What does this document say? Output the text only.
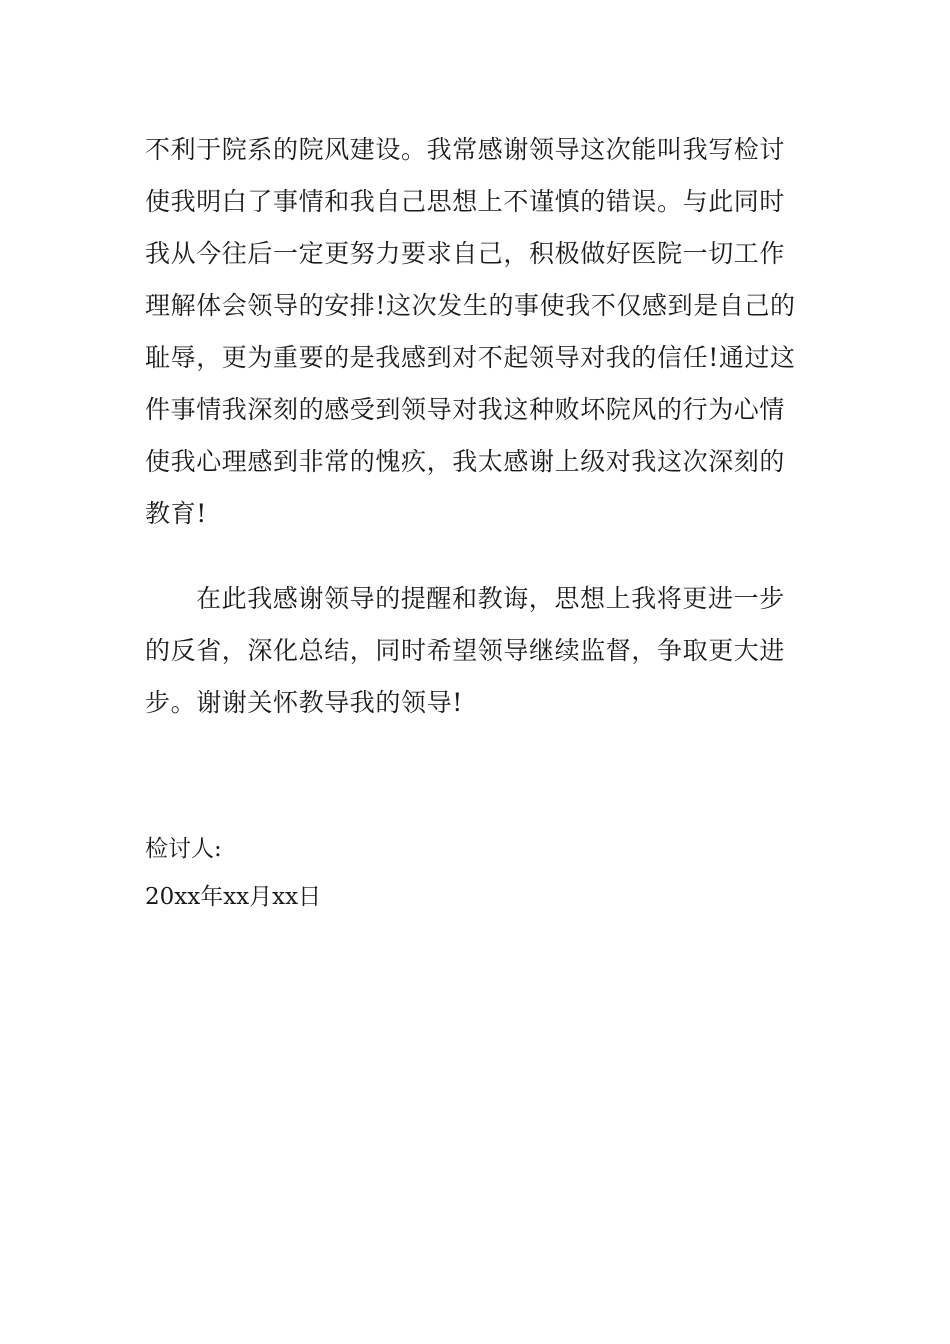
不利于院系的院风建设。我常感谢领导这次能叫我写检讨
使我明白了事情和我自己思想上不谨慎的错误。与此同时
我从今往后一定更努力要求自己，积极做好医院一切工作
理解体会领导的安排!这次发生的事使我不仅感到是自己的
耻辱，更为重要的是我感到对不起领导对我的信任!通过这
件事情我深刻的感受到领导对我这种败坏院风的行为心情
使我心理感到非常的愧疚，我太感谢上级对我这次深刻的
教育!
在此我感谢领导的提醒和教诲，思想上我将更进一步
的反省，深化总结，同时希望领导继续监督，争取更大进
步。谢谢关怀教导我的领导!
检讨人:
20xx年xx月xx日
